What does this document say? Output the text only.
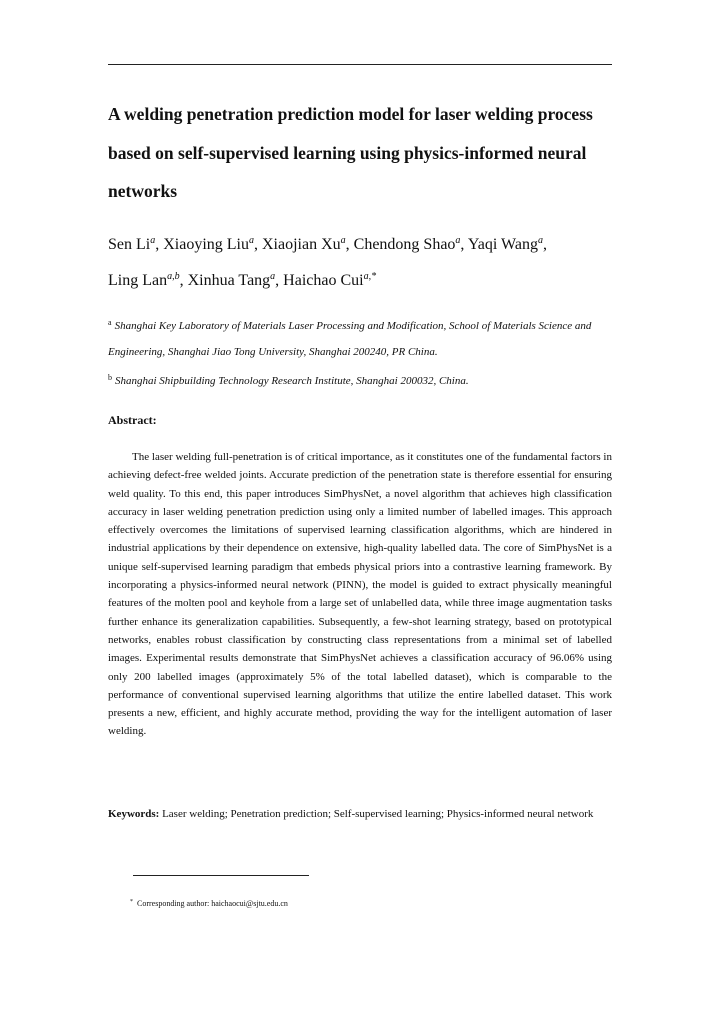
A welding penetration prediction model for laser welding process based on self-supervised learning using physics-informed neural networks

Sen Li$^a$, Xiaoying Liu$^a$, Xiaojian Xu$^a$, Chendong Shao$^a$, Yaqi Wang$^a$,
Ling Lan$^{a,b}$, Xinhua Tang$^a$, Haichao Cui$^{a,*}$

$^a$ Shanghai Key Laboratory of Materials Laser Processing and Modification, School of Materials Science and Engineering, Shanghai Jiao Tong University, Shanghai 200240, PR China.

$^b$ Shanghai Shipbuilding Technology Research Institute, Shanghai 200032, China.

Abstract:

The laser welding full-penetration is of critical importance, as it constitutes one of the fundamental factors in achieving defect-free welded joints. Accurate prediction of the penetration state is therefore essential for ensuring weld quality. To this end, this paper introduces SimPhysNet, a novel algorithm that achieves high classification accuracy in laser welding penetration prediction using only a limited number of labelled images. This approach effectively overcomes the limitations of supervised learning classification algorithms, which are hindered in industrial applications by their dependence on extensive, high-quality labelled data. The core of SimPhysNet is a unique self-supervised learning paradigm that embeds physical priors into a contrastive learning framework. By incorporating a physics-informed neural network (PINN), the model is guided to extract physically meaningful features of the molten pool and keyhole from a large set of unlabelled data, while three image augmentation tasks further enhance its generalization capabilities. Subsequently, a few-shot learning strategy, based on prototypical networks, enables robust classification by constructing class representations from a minimal set of labelled images. Experimental results demonstrate that SimPhysNet achieves a classification accuracy of 96.06% using only 200 labelled images (approximately 5% of the total labelled dataset), which is comparable to the performance of conventional supervised learning algorithms that utilize the entire labelled dataset. This work presents a new, efficient, and highly accurate method, providing the way for the intelligent automation of laser welding.

Keywords: Laser welding; Penetration prediction; Self-supervised learning; Physics-informed neural network

* Corresponding author: haichaocui@sjtu.edu.cn
